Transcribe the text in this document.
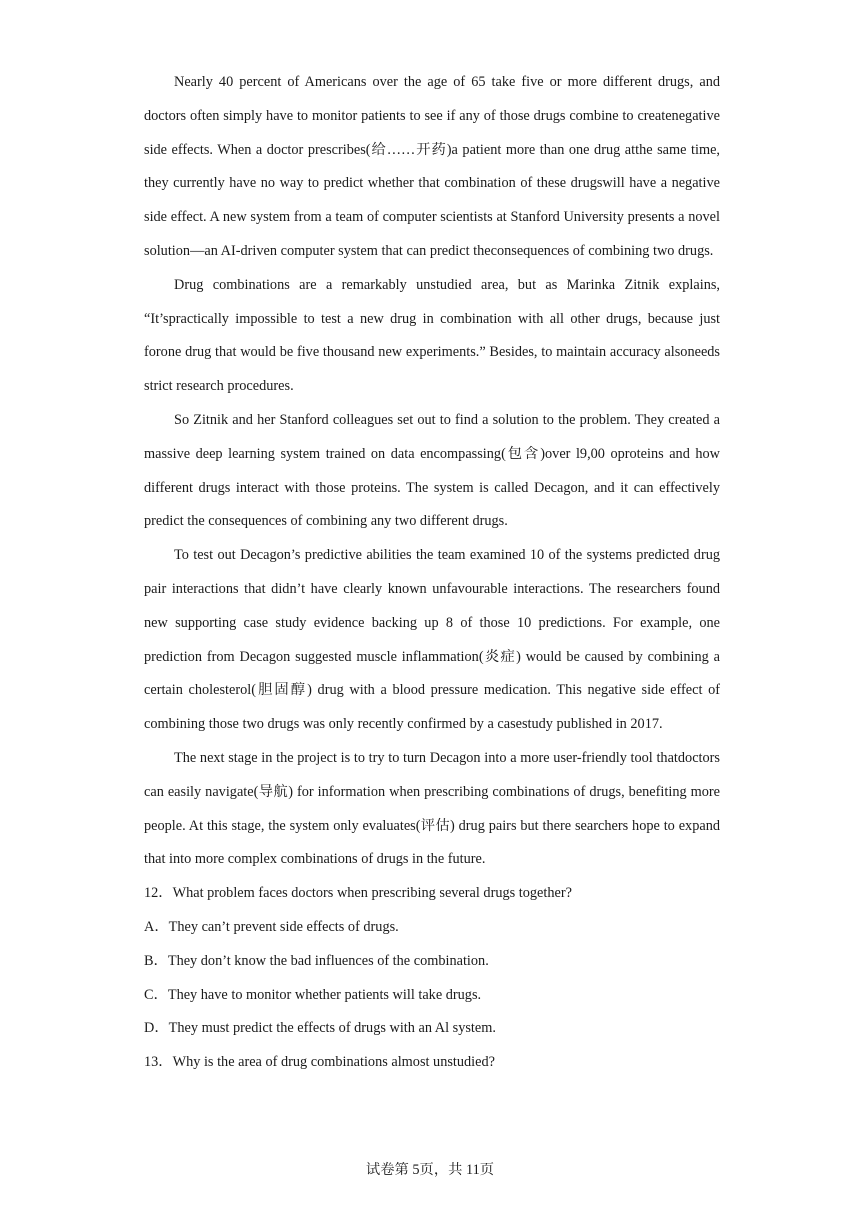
Nearly 40 percent of Americans over the age of 65 take five or more different drugs, and doctors often simply have to monitor patients to see if any of those drugs combine to createnegative side effects. When a doctor prescribes(给……开药)a patient more than one drug atthe same time, they currently have no way to predict whether that combination of these drugswill have a negative side effect. A new system from a team of computer scientists at Stanford University presents a novel solution—an AI-driven computer system that can predict theconsequences of combining two drugs.

Drug combinations are a remarkably unstudied area, but as Marinka Zitnik explains, “It’spractically impossible to test a new drug in combination with all other drugs, because just forone drug that would be five thousand new experiments.” Besides, to maintain accuracy alsoneeds strict research procedures.

So Zitnik and her Stanford colleagues set out to find a solution to the problem. They created a massive deep learning system trained on data encompassing(包含)over l9,00 oproteins and how different drugs interact with those proteins. The system is called Decagon, and it can effectively predict the consequences of combining any two different drugs.

To test out Decagon’s predictive abilities the team examined 10 of the systems predicted drug pair interactions that didn’t have clearly known unfavourable interactions. The researchers found new supporting case study evidence backing up 8 of those 10 predictions. For example, one prediction from Decagon suggested muscle inflammation(炎症) would be caused by combining a certain cholesterol(胆固醇) drug with a blood pressure medication. This negative side effect of combining those two drugs was only recently confirmed by a casestudy published in 2017.

The next stage in the project is to try to turn Decagon into a more user-friendly tool thatdoctors can easily navigate(导航) for information when prescribing combinations of drugs, benefiting more people. At this stage, the system only evaluates(评估) drug pairs but there searchers hope to expand that into more complex combinations of drugs in the future.

12．What problem faces doctors when prescribing several drugs together?

A．They can’t prevent side effects of drugs.

B．They don’t know the bad influences of the combination.

C．They have to monitor whether patients will take drugs.

D．They must predict the effects of drugs with an Al system.

13．Why is the area of drug combinations almost unstudied?

试卷第 5页，共 11页
